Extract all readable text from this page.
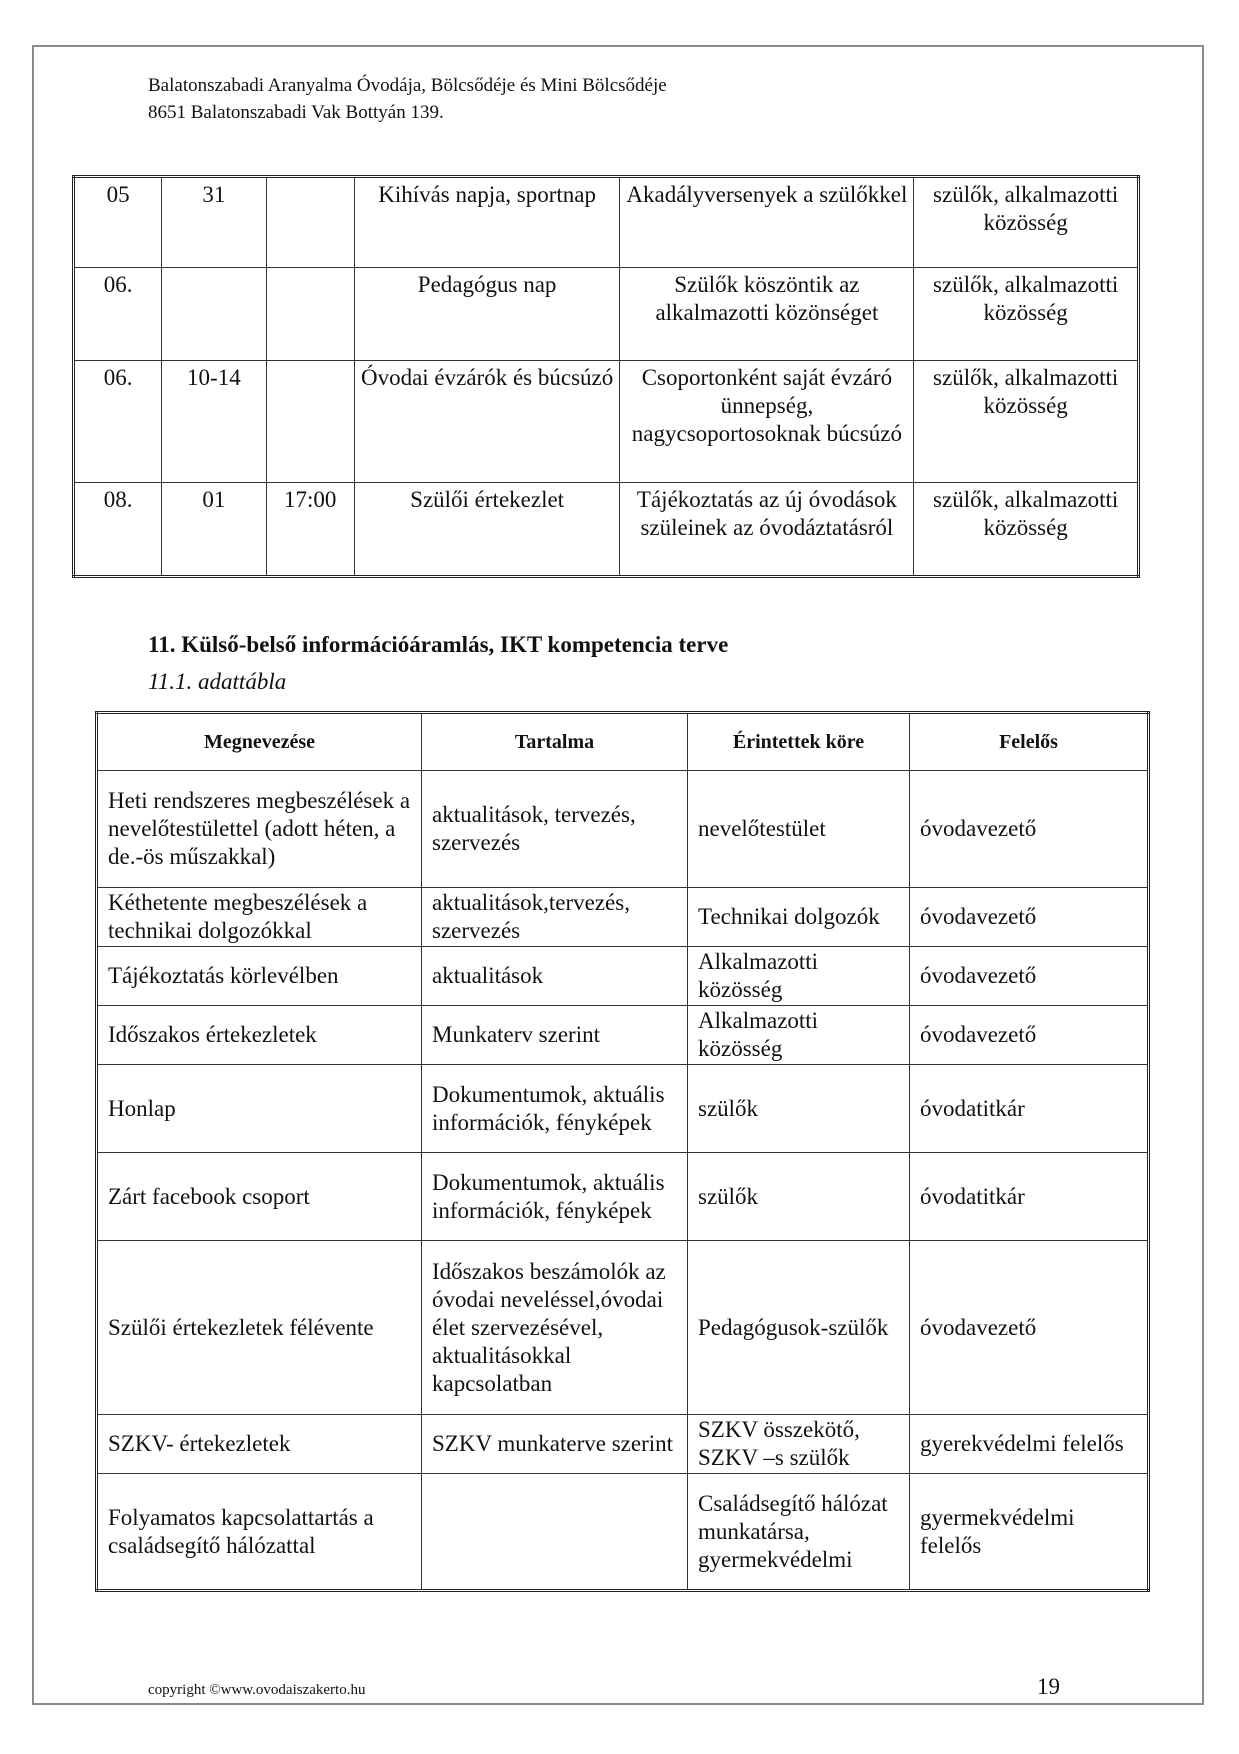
Balatonszabadi Aranyalma Óvodája, Bölcsődéje és Mini Bölcsődéje
8651 Balatonszabadi Vak Bottyán 139.
05	31		Kihívás napja, sportnap	Akadályversenyek a szülőkkel	szülők, alkalmazotti közösség
06.			Pedagógus nap	Szülők köszöntik az alkalmazotti közönséget	szülők, alkalmazotti közösség
06.	10-14		Óvodai évzárók és búcsúzó	Csoportonként saját évzáró ünnepség, nagycsoportosoknak búcsúzó	szülők, alkalmazotti közösség
08.	01	17:00	Szülői értekezlet	Tájékoztatás az új óvodások szüleinek az óvodáztatásról	szülők, alkalmazotti közösség
11. Külső-belső információáramlás, IKT kompetencia terve
11.1. adattábla
Megnevezése	Tartalma	Érintettek köre	Felelős
Heti rendszeres megbeszélések a nevelőtestülettel (adott héten, a de.-ös műszakkal)	aktualitások, tervezés, szervezés	nevelőtestület	óvodavezető
Kéthetente megbeszélések a technikai dolgozókkal	aktualitások,tervezés, szervezés	Technikai dolgozók	óvodavezető
Tájékoztatás körlevélben	aktualitások	Alkalmazotti közösség	óvodavezető
Időszakos értekezletek	Munkaterv szerint	Alkalmazotti közösség	óvodavezető
Honlap	Dokumentumok, aktuális információk, fényképek	szülők	óvodatitkár
Zárt facebook csoport	Dokumentumok, aktuális információk, fényképek	szülők	óvodatitkár
Szülői értekezletek félévente	Időszakos beszámolók az óvodai neveléssel,óvodai élet szervezésével, aktualitásokkal kapcsolatban	Pedagógusok-szülők	óvodavezető
SZKV- értekezletek	SZKV munkaterve szerint	SZKV összekötő, SZKV –s szülők	gyerekvédelmi felelős
Folyamatos kapcsolattartás a családsegítő hálózattal		Családsegítő hálózat munkatársa, gyermekvédelmi	gyermekvédelmi felelős
copyright ©www.ovodaiszakerto.hu	19
